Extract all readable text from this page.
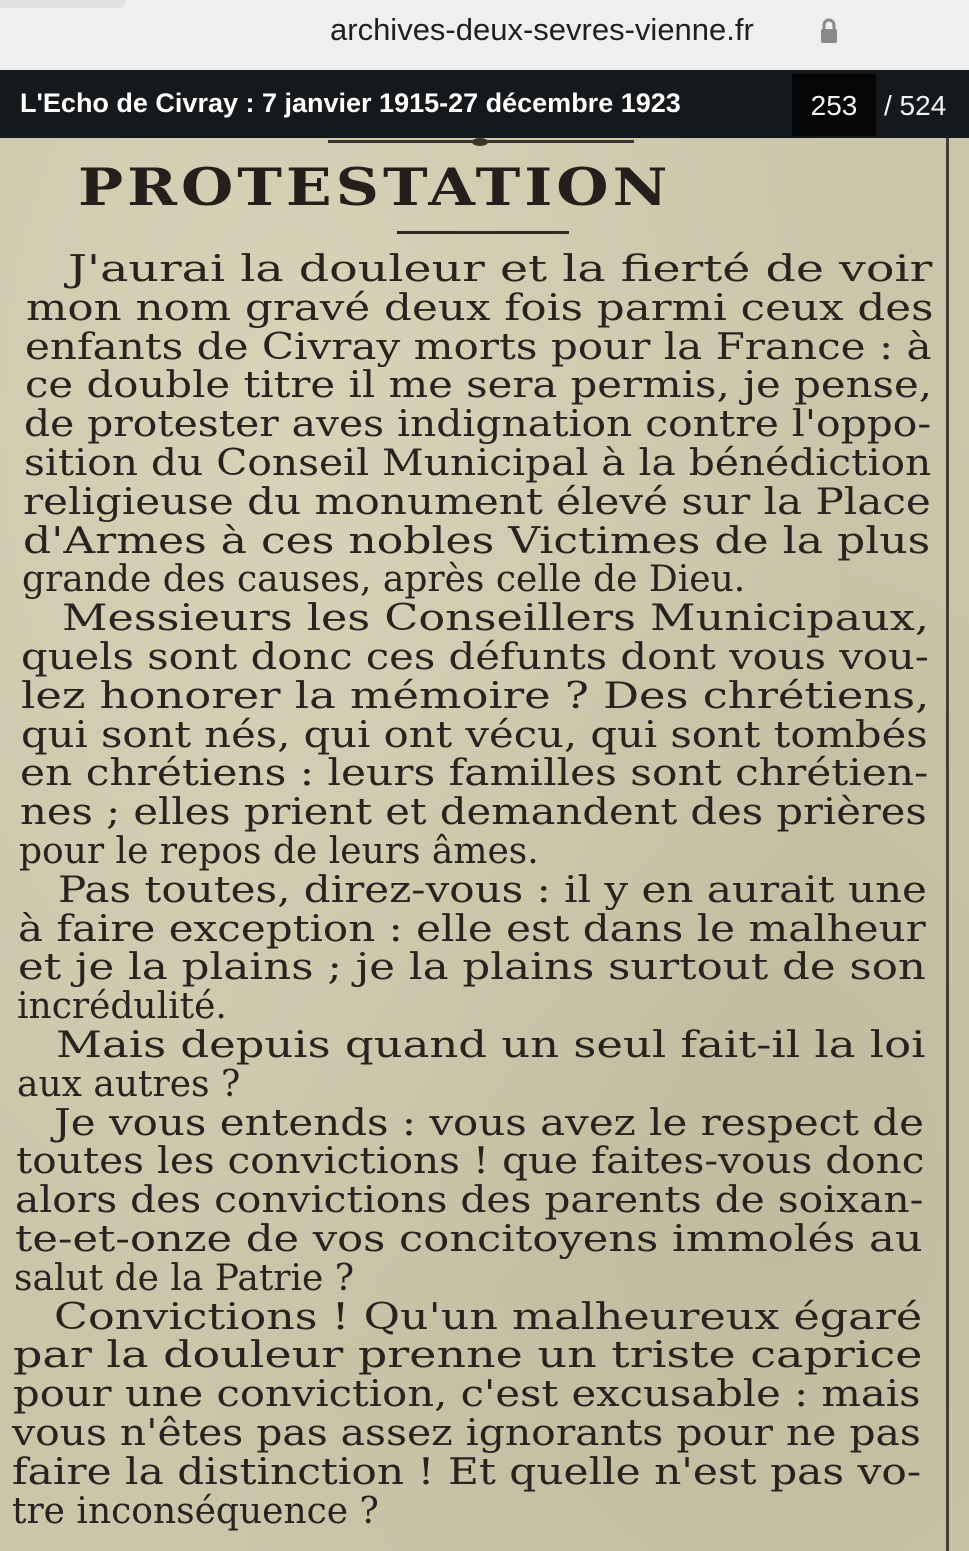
archives-deux-sevres-vienne.fr
L'Echo de Civray : 7 janvier 1915-27 décembre 1923	253 / 524
PROTESTATION
J'aurai la douleur et la fierté de voir
mon nom gravé deux fois parmi ceux des
enfants de Civray morts pour la France : à
ce double titre il me sera permis, je pense,
de protester aves indignation contre l'oppo-
sition du Conseil Municipal à la bénédiction
religieuse du monument élevé sur la Place
d'Armes à ces nobles Victimes de la plus
grande des causes, après celle de Dieu.
Messieurs les Conseillers Municipaux,
quels sont donc ces défunts dont vous vou-
lez honorer la mémoire ? Des chrétiens,
qui sont nés, qui ont vécu, qui sont tombés
en chrétiens : leurs familles sont chrétien-
nes ; elles prient et demandent des prières
pour le repos de leurs âmes.
Pas toutes, direz-vous : il y en aurait une
à faire exception : elle est dans le malheur
et je la plains ; je la plains surtout de son
incrédulité.
Mais depuis quand un seul fait-il la loi
aux autres ?
Je vous entends : vous avez le respect de
toutes les convictions ! que faites-vous donc
alors des convictions des parents de soixan-
te-et-onze de vos concitoyens immolés au
salut de la Patrie ?
Convictions ! Qu'un malheureux égaré
par la douleur prenne un triste caprice
pour une conviction, c'est excusable : mais
vous n'êtes pas assez ignorants pour ne pas
faire la distinction ! Et quelle n'est pas vo-
tre inconséquence ?
